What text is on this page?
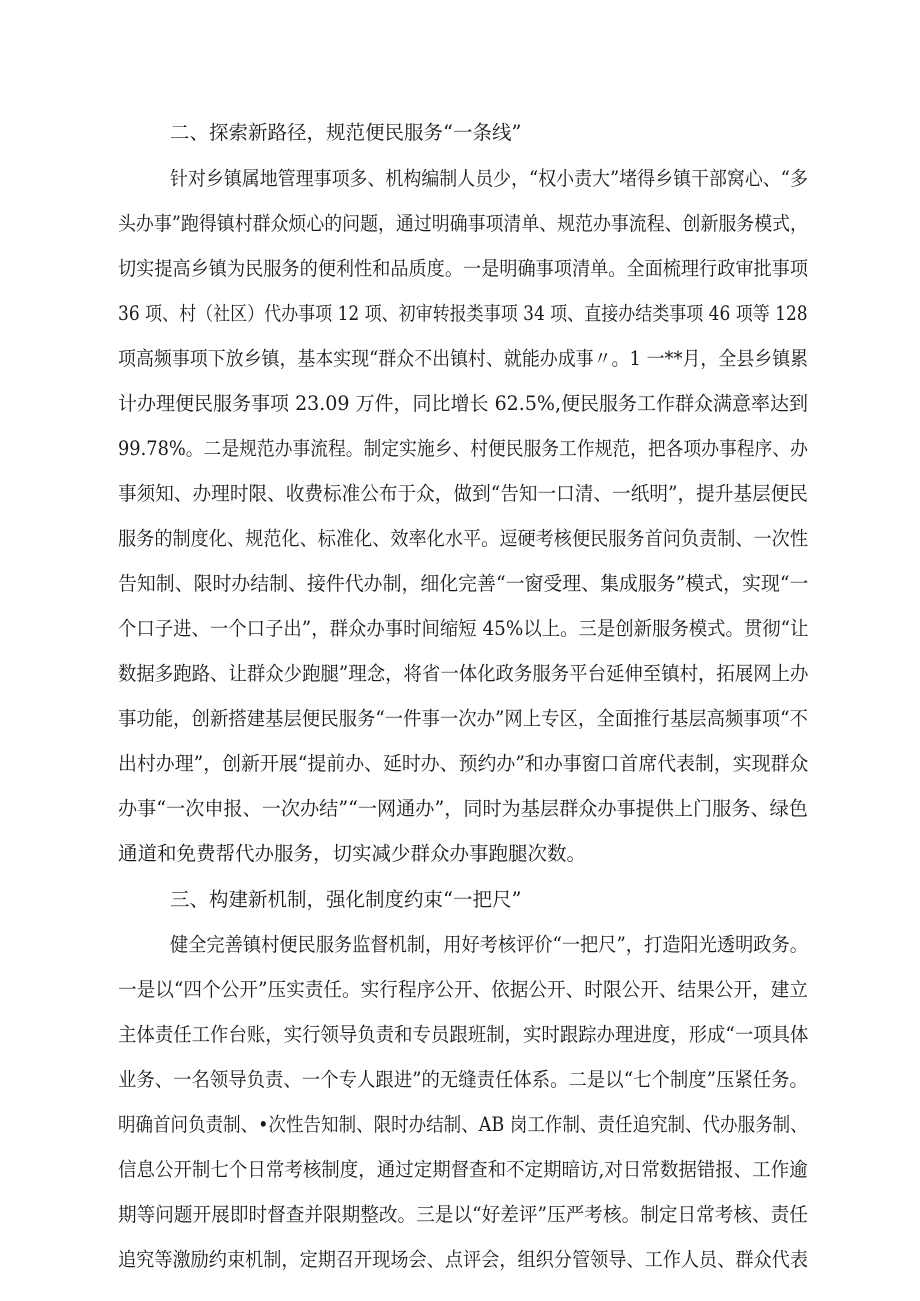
二、探索新路径，规范便民服务“一条线”
针对乡镇属地管理事项多、机构编制人员少，“权小责大”堵得乡镇干部窝心、“多
头办事”跑得镇村群众烦心的问题，通过明确事项清单、规范办事流程、创新服务模式，
切实提高乡镇为民服务的便利性和品质度。一是明确事项清单。全面梳理行政审批事项
36 项、村（社区）代办事项 12 项、初审转报类事项 34 项、直接办结类事项 46 项等 128
项高频事项下放乡镇，基本实现“群众不出镇村、就能办成事〃。1 一**月，全县乡镇累
计办理便民服务事项 23.09 万件，同比增长 62.5%,便民服务工作群众满意率达到
99.78%。二是规范办事流程。制定实施乡、村便民服务工作规范，把各项办事程序、办
事须知、办理时限、收费标准公布于众，做到“告知一口清、一纸明”，提升基层便民
服务的制度化、规范化、标准化、效率化水平。逗硬考核便民服务首问负责制、一次性
告知制、限时办结制、接件代办制，细化完善“一窗受理、集成服务”模式，实现“一
个口子进、一个口子出”，群众办事时间缩短 45%以上。三是创新服务模式。贯彻“让
数据多跑路、让群众少跑腿”理念，将省一体化政务服务平台延伸至镇村，拓展网上办
事功能，创新搭建基层便民服务“一件事一次办”网上专区，全面推行基层高频事项“不
出村办理”，创新开展“提前办、延时办、预约办”和办事窗口首席代表制，实现群众
办事“一次申报、一次办结”“一网通办”，同时为基层群众办事提供上门服务、绿色
通道和免费帮代办服务，切实减少群众办事跑腿次数。
三、构建新机制，强化制度约束“一把尺”
健全完善镇村便民服务监督机制，用好考核评价“一把尺”，打造阳光透明政务。
一是以“四个公开”压实责任。实行程序公开、依据公开、时限公开、结果公开，建立
主体责任工作台账，实行领导负责和专员跟班制，实时跟踪办理进度，形成“一项具体
业务、一名领导负责、一个专人跟进”的无缝责任体系。二是以“七个制度”压紧任务。
明确首问负责制、•次性告知制、限时办结制、AB 岗工作制、责任追究制、代办服务制、
信息公开制七个日常考核制度，通过定期督查和不定期暗访,对日常数据错报、工作逾
期等问题开展即时督查并限期整改。三是以“好差评”压严考核。制定日常考核、责任
追究等激励约束机制，定期召开现场会、点评会，组织分管领导、工作人员、群众代表
